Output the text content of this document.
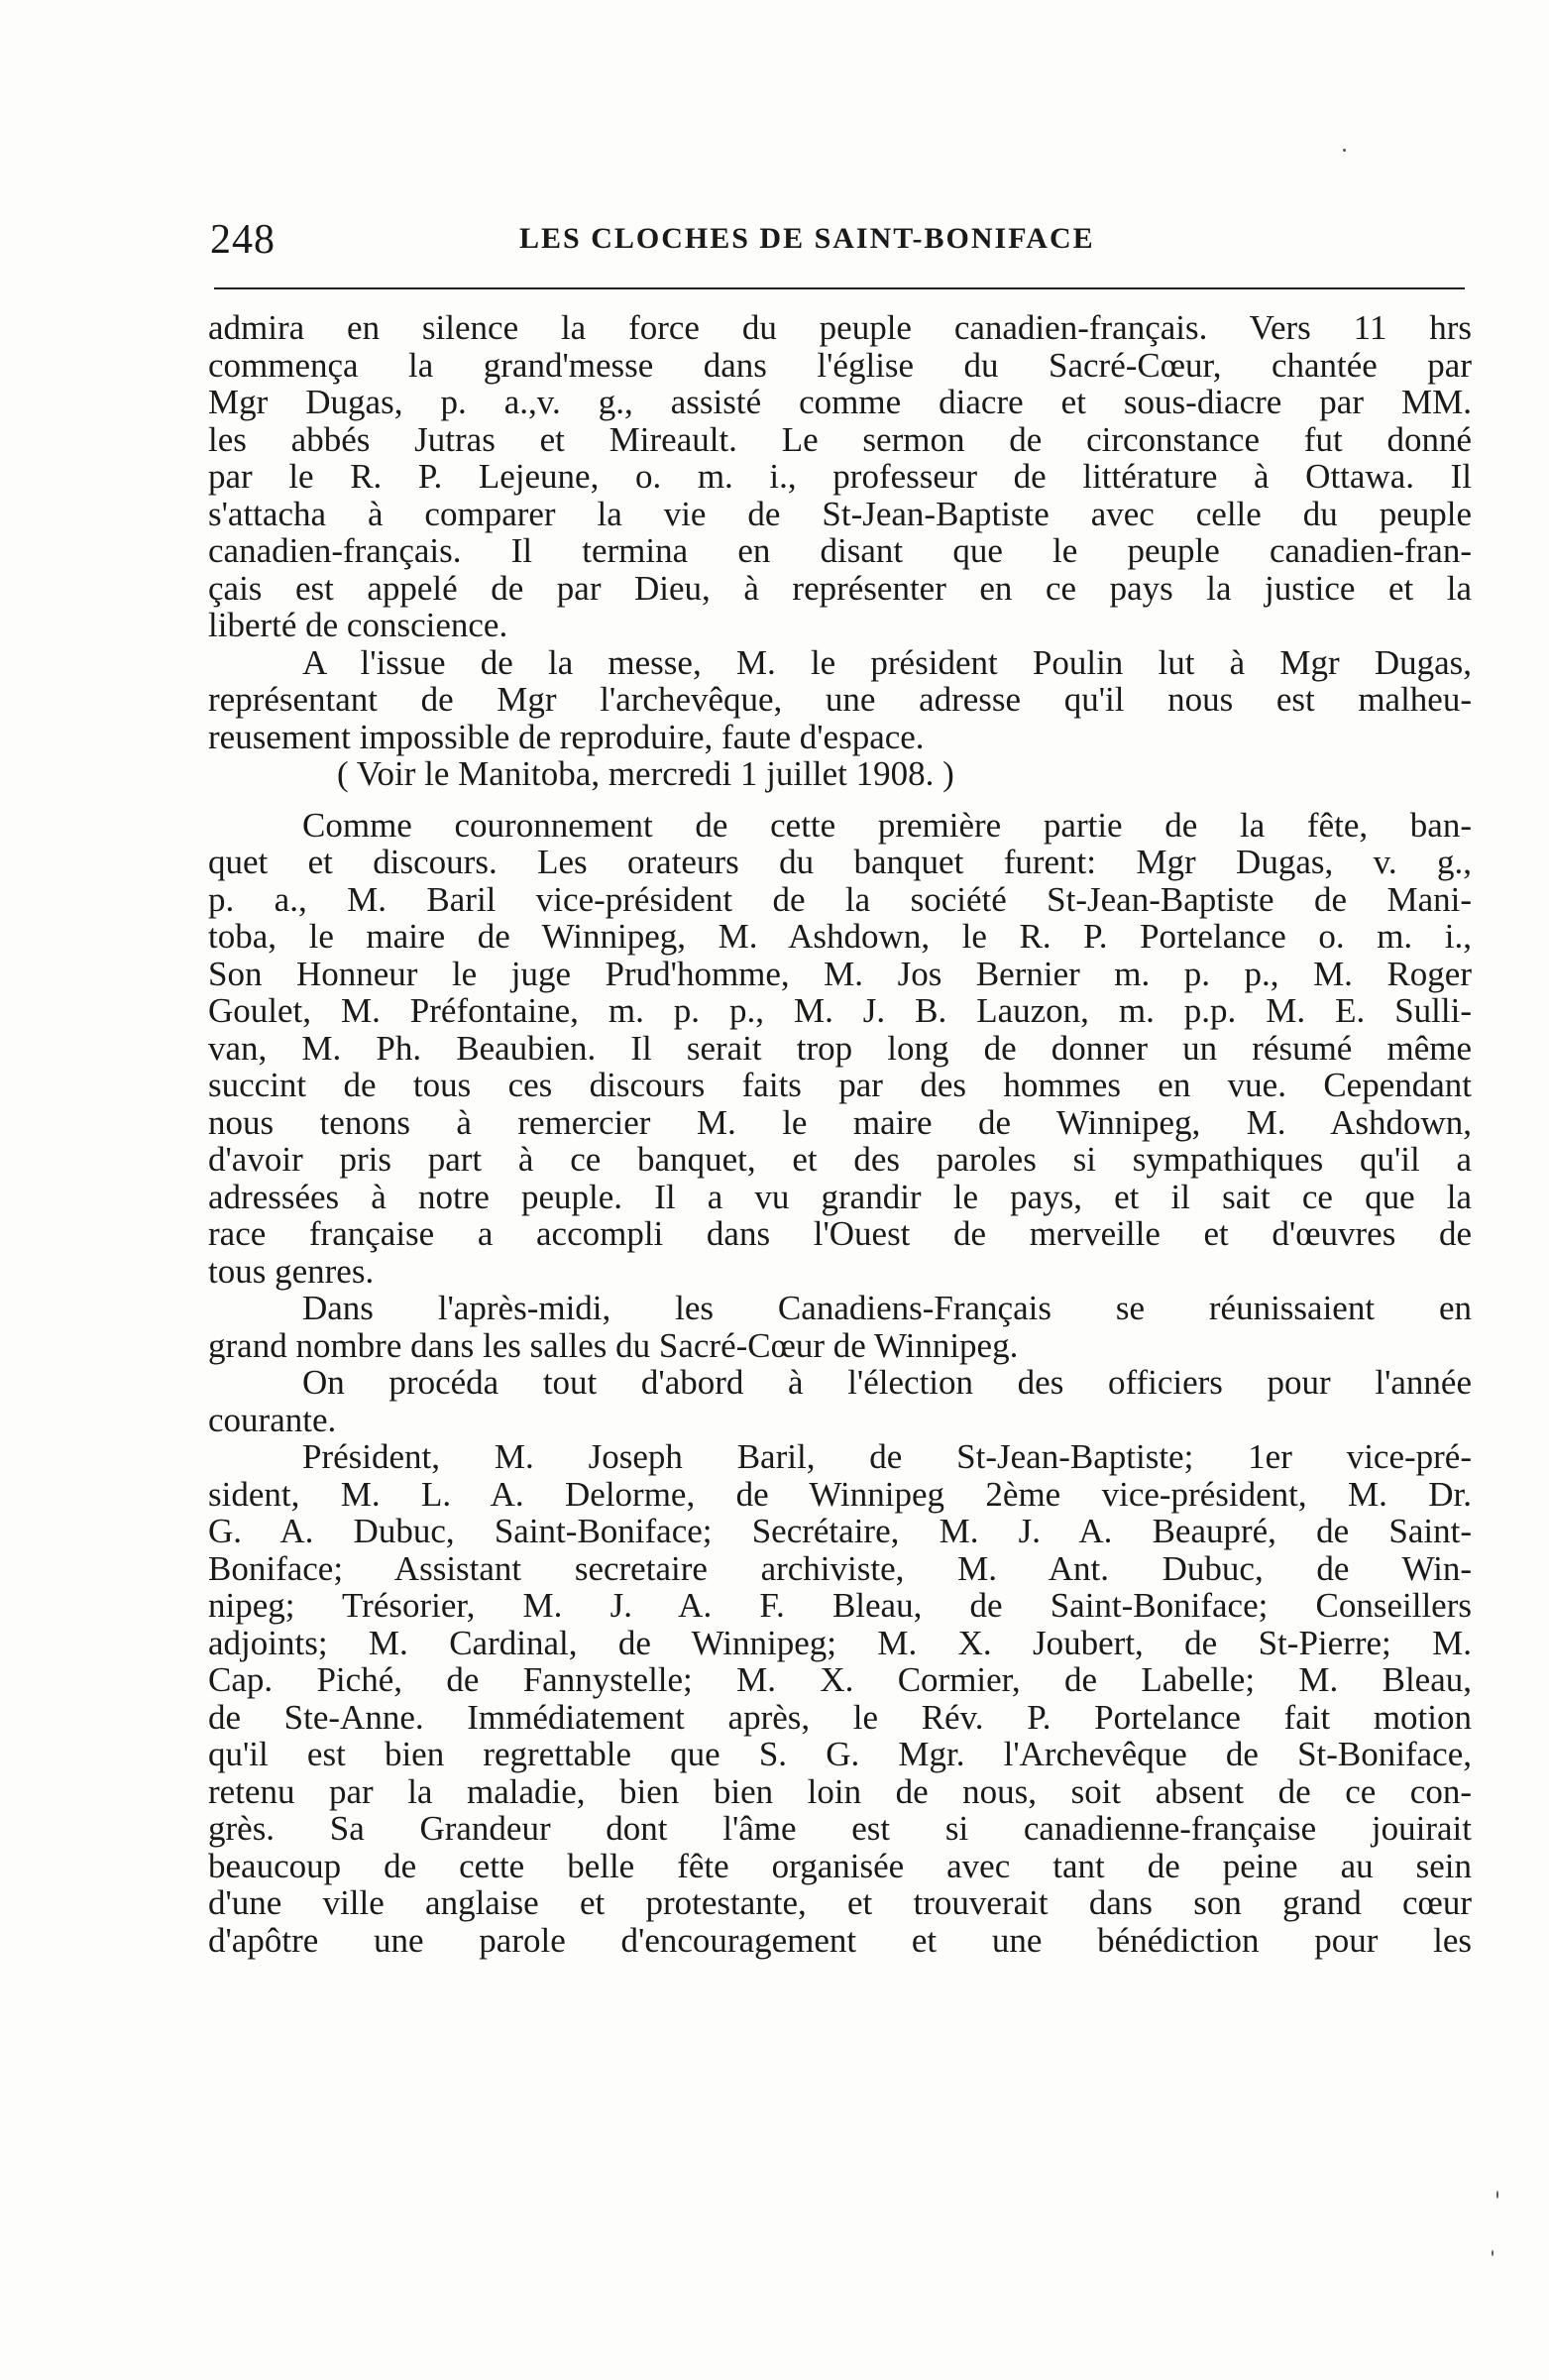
248	LES CLOCHES DE SAINT-BONIFACE
admira en silence la force du peuple canadien-français. Vers 11 hrs
commença la grand'messe dans l'église du Sacré-Cœur, chantée par
Mgr Dugas, p. a.,v. g., assisté comme diacre et sous-diacre par MM.
les abbés Jutras et Mireault. Le sermon de circonstance fut donné
par le R. P. Lejeune, o. m. i., professeur de littérature à Ottawa. Il
s'attacha à comparer la vie de St-Jean-Baptiste avec celle du peuple
canadien-français. Il termina en disant que le peuple canadien-fran-
çais est appelé de par Dieu, à représenter en ce pays la justice et la
liberté de conscience.
A l'issue de la messe, M. le président Poulin lut à Mgr Dugas,
représentant de Mgr l'archevêque, une adresse qu'il nous est malheu-
reusement impossible de reproduire, faute d'espace.
( Voir le Manitoba, mercredi 1 juillet 1908. )
Comme couronnement de cette première partie de la fête, ban-
quet et discours. Les orateurs du banquet furent: Mgr Dugas, v. g.,
p. a., M. Baril vice-président de la société St-Jean-Baptiste de Mani-
toba, le maire de Winnipeg, M. Ashdown, le R. P. Portelance o. m. i.,
Son Honneur le juge Prud'homme, M. Jos Bernier m. p. p., M. Roger
Goulet, M. Préfontaine, m. p. p., M. J. B. Lauzon, m. p.p. M. E. Sulli-
van, M. Ph. Beaubien. Il serait trop long de donner un résumé même
succint de tous ces discours faits par des hommes en vue. Cependant
nous tenons à remercier M. le maire de Winnipeg, M. Ashdown,
d'avoir pris part à ce banquet, et des paroles si sympathiques qu'il a
adressées à notre peuple. Il a vu grandir le pays, et il sait ce que la
race française a accompli dans l'Ouest de merveille et d'œuvres de
tous genres.
Dans l'après-midi, les Canadiens-Français se réunissaient en
grand nombre dans les salles du Sacré-Cœur de Winnipeg.
On procéda tout d'abord à l'élection des officiers pour l'année
courante.
Président, M. Joseph Baril, de St-Jean-Baptiste; 1er vice-pré-
sident, M. L. A. Delorme, de Winnipeg 2ème vice-président, M. Dr.
G. A. Dubuc, Saint-Boniface; Secrétaire, M. J. A. Beaupré, de Saint-
Boniface; Assistant secretaire archiviste, M. Ant. Dubuc, de Win-
nipeg; Trésorier, M. J. A. F. Bleau, de Saint-Boniface; Conseillers
adjoints; M. Cardinal, de Winnipeg; M. X. Joubert, de St-Pierre; M.
Cap. Piché, de Fannystelle; M. X. Cormier, de Labelle; M. Bleau,
de Ste-Anne. Immédiatement après, le Rév. P. Portelance fait motion
qu'il est bien regrettable que S. G. Mgr. l'Archevêque de St-Boniface,
retenu par la maladie, bien bien loin de nous, soit absent de ce con-
grès. Sa Grandeur dont l'âme est si canadienne-française jouirait
beaucoup de cette belle fête organisée avec tant de peine au sein
d'une ville anglaise et protestante, et trouverait dans son grand cœur
d'apôtre une parole d'encouragement et une bénédiction pour les
